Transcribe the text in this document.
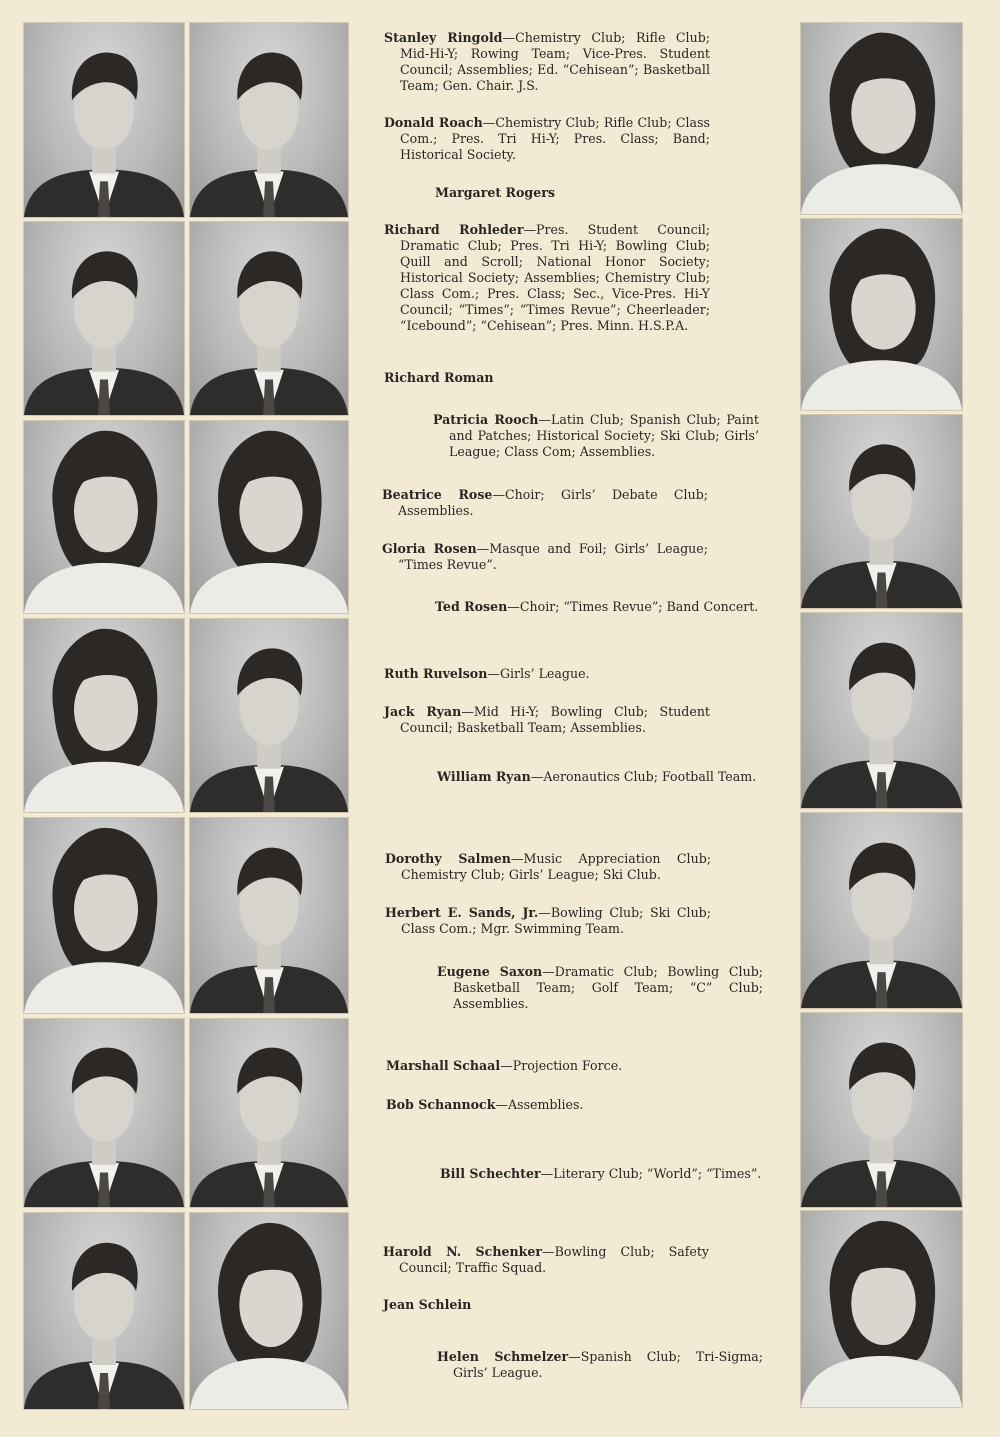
Stanley Ringold—Chemistry Club; Rifle Club; Mid-Hi-Y; Rowing Team; Vice-Pres. Student Council; Assemblies; Ed. “Cehisean”; Basketball Team; Gen. Chair. J.S.
Donald Roach—Chemistry Club; Rifle Club; Class Com.; Pres. Tri Hi-Y; Pres. Class; Band; Historical Society.
Margaret Rogers
Richard Rohleder—Pres. Student Council; Dramatic Club; Pres. Tri Hi-Y; Bowling Club; Quill and Scroll; National Honor Society; Historical Society; Assemblies; Chemistry Club; Class Com.; Pres. Class; Sec., Vice-Pres. Hi-Y Council; “Times”; “Times Revue”; Cheerleader; “Icebound”; “Cehisean”; Pres. Minn. H.S.P.A.
Richard Roman
Patricia Rooch—Latin Club; Spanish Club; Paint and Patches; Historical Society; Ski Club; Girls’ League; Class Com; Assemblies.
Beatrice Rose—Choir; Girls’ Debate Club; Assemblies.
Gloria Rosen—Masque and Foil; Girls’ League; “Times Revue”.
Ted Rosen—Choir; “Times Revue”; Band Concert.
Ruth Ruvelson—Girls’ League.
Jack Ryan—Mid Hi-Y; Bowling Club; Student Council; Basketball Team; Assemblies.
William Ryan—Aeronautics Club; Football Team.
Dorothy Salmen—Music Appreciation Club; Chemistry Club; Girls’ League; Ski Club.
Herbert E. Sands, Jr.—Bowling Club; Ski Club; Class Com.; Mgr. Swimming Team.
Eugene Saxon—Dramatic Club; Bowling Club; Basketball Team; Golf Team; “C” Club; Assemblies.
Marshall Schaal—Projection Force.
Bob Schannock—Assemblies.
Bill Schechter—Literary Club; “World”; “Times”.
Harold N. Schenker—Bowling Club; Safety Council; Traffic Squad.
Jean Schlein
Helen Schmelzer—Spanish Club; Tri-Sigma; Girls’ League.
